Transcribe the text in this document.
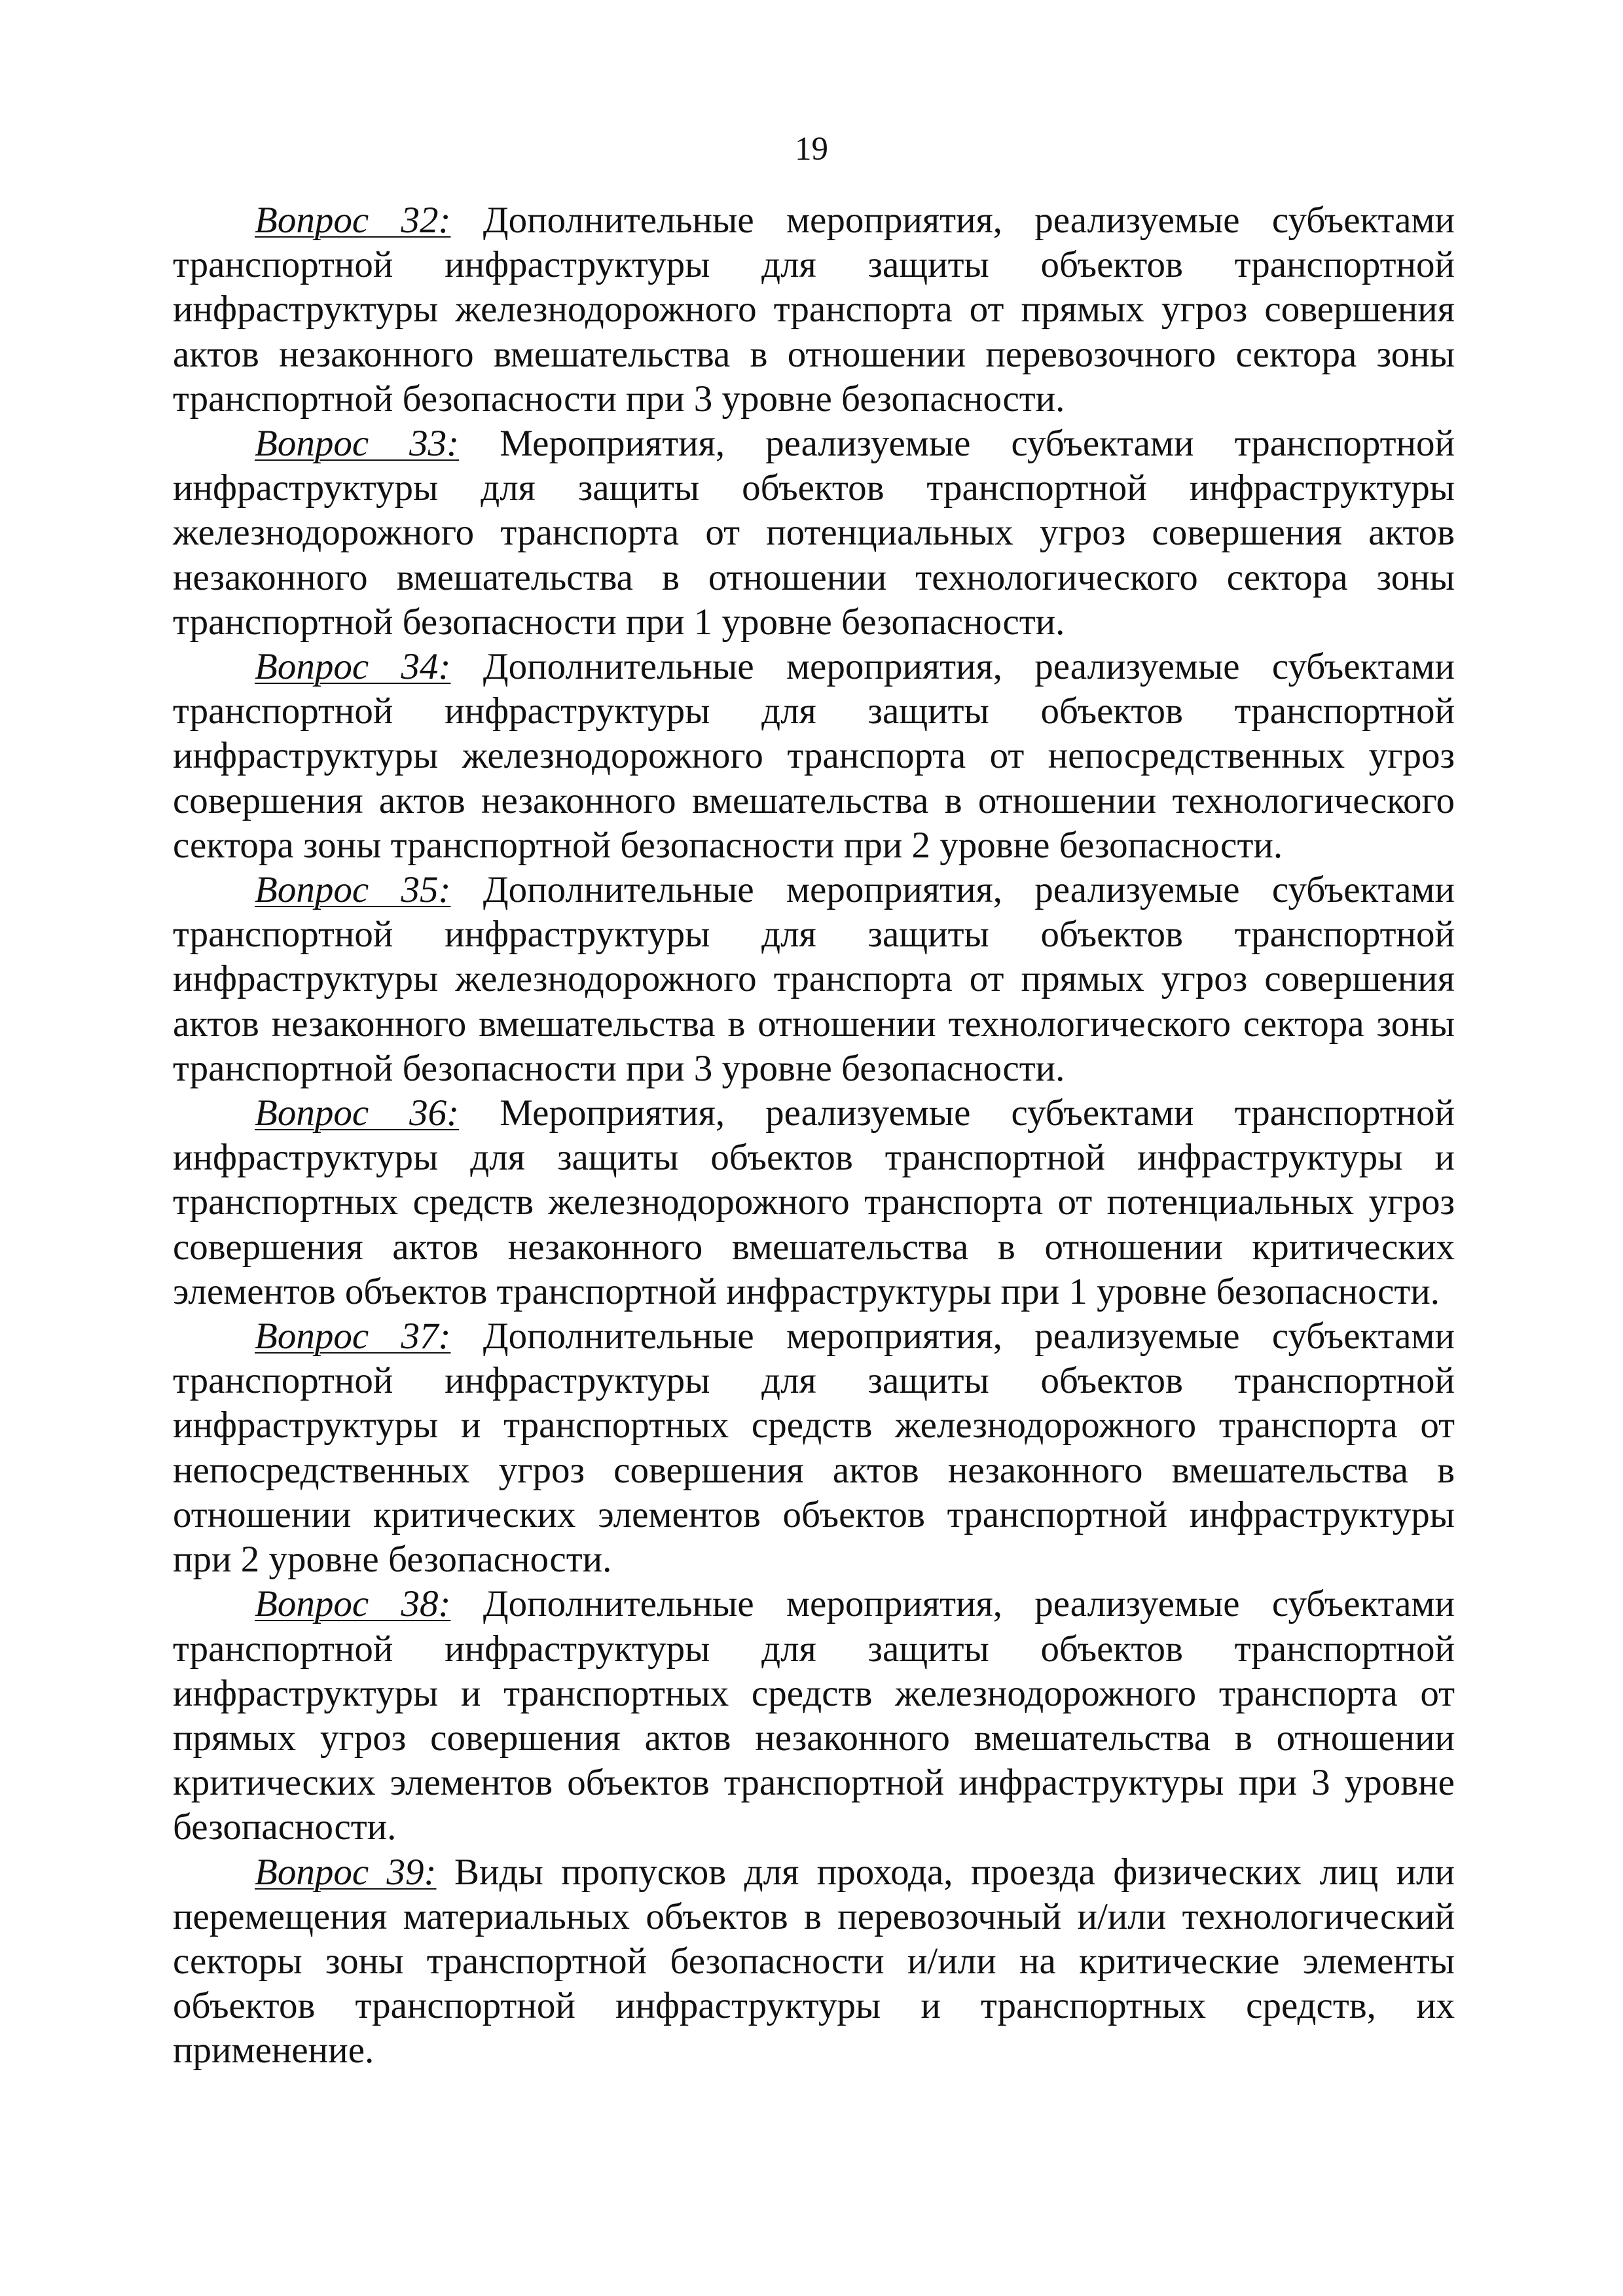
19

Вопрос 32: Дополнительные мероприятия, реализуемые субъектами транспортной инфраструктуры для защиты объектов транспортной инфраструктуры железнодорожного транспорта от прямых угроз совершения актов незаконного вмешательства в отношении перевозочного сектора зоны транспортной безопасности при 3 уровне безопасности.

Вопрос 33: Мероприятия, реализуемые субъектами транспортной инфраструктуры для защиты объектов транспортной инфраструктуры железнодорожного транспорта от потенциальных угроз совершения актов незаконного вмешательства в отношении технологического сектора зоны транспортной безопасности при 1 уровне безопасности.

Вопрос 34: Дополнительные мероприятия, реализуемые субъектами транспортной инфраструктуры для защиты объектов транспортной инфраструктуры железнодорожного транспорта от непосредственных угроз совершения актов незаконного вмешательства в отношении технологического сектора зоны транспортной безопасности при 2 уровне безопасности.

Вопрос 35: Дополнительные мероприятия, реализуемые субъектами транспортной инфраструктуры для защиты объектов транспортной инфраструктуры железнодорожного транспорта от прямых угроз совершения актов незаконного вмешательства в отношении технологического сектора зоны транспортной безопасности при 3 уровне безопасности.

Вопрос 36: Мероприятия, реализуемые субъектами транспортной инфраструктуры для защиты объектов транспортной инфраструктуры и транспортных средств железнодорожного транспорта от потенциальных угроз совершения актов незаконного вмешательства в отношении критических элементов объектов транспортной инфраструктуры при 1 уровне безопасности.

Вопрос 37: Дополнительные мероприятия, реализуемые субъектами транспортной инфраструктуры для защиты объектов транспортной инфраструктуры и транспортных средств железнодорожного транспорта от непосредственных угроз совершения актов незаконного вмешательства в отношении критических элементов объектов транспортной инфраструктуры при 2 уровне безопасности.

Вопрос 38: Дополнительные мероприятия, реализуемые субъектами транспортной инфраструктуры для защиты объектов транспортной инфраструктуры и транспортных средств железнодорожного транспорта от прямых угроз совершения актов незаконного вмешательства в отношении критических элементов объектов транспортной инфраструктуры при 3 уровне безопасности.

Вопрос 39: Виды пропусков для прохода, проезда физических лиц или перемещения материальных объектов в перевозочный и/или технологический секторы зоны транспортной безопасности и/или на критические элементы объектов транспортной инфраструктуры и транспортных средств, их применение.
